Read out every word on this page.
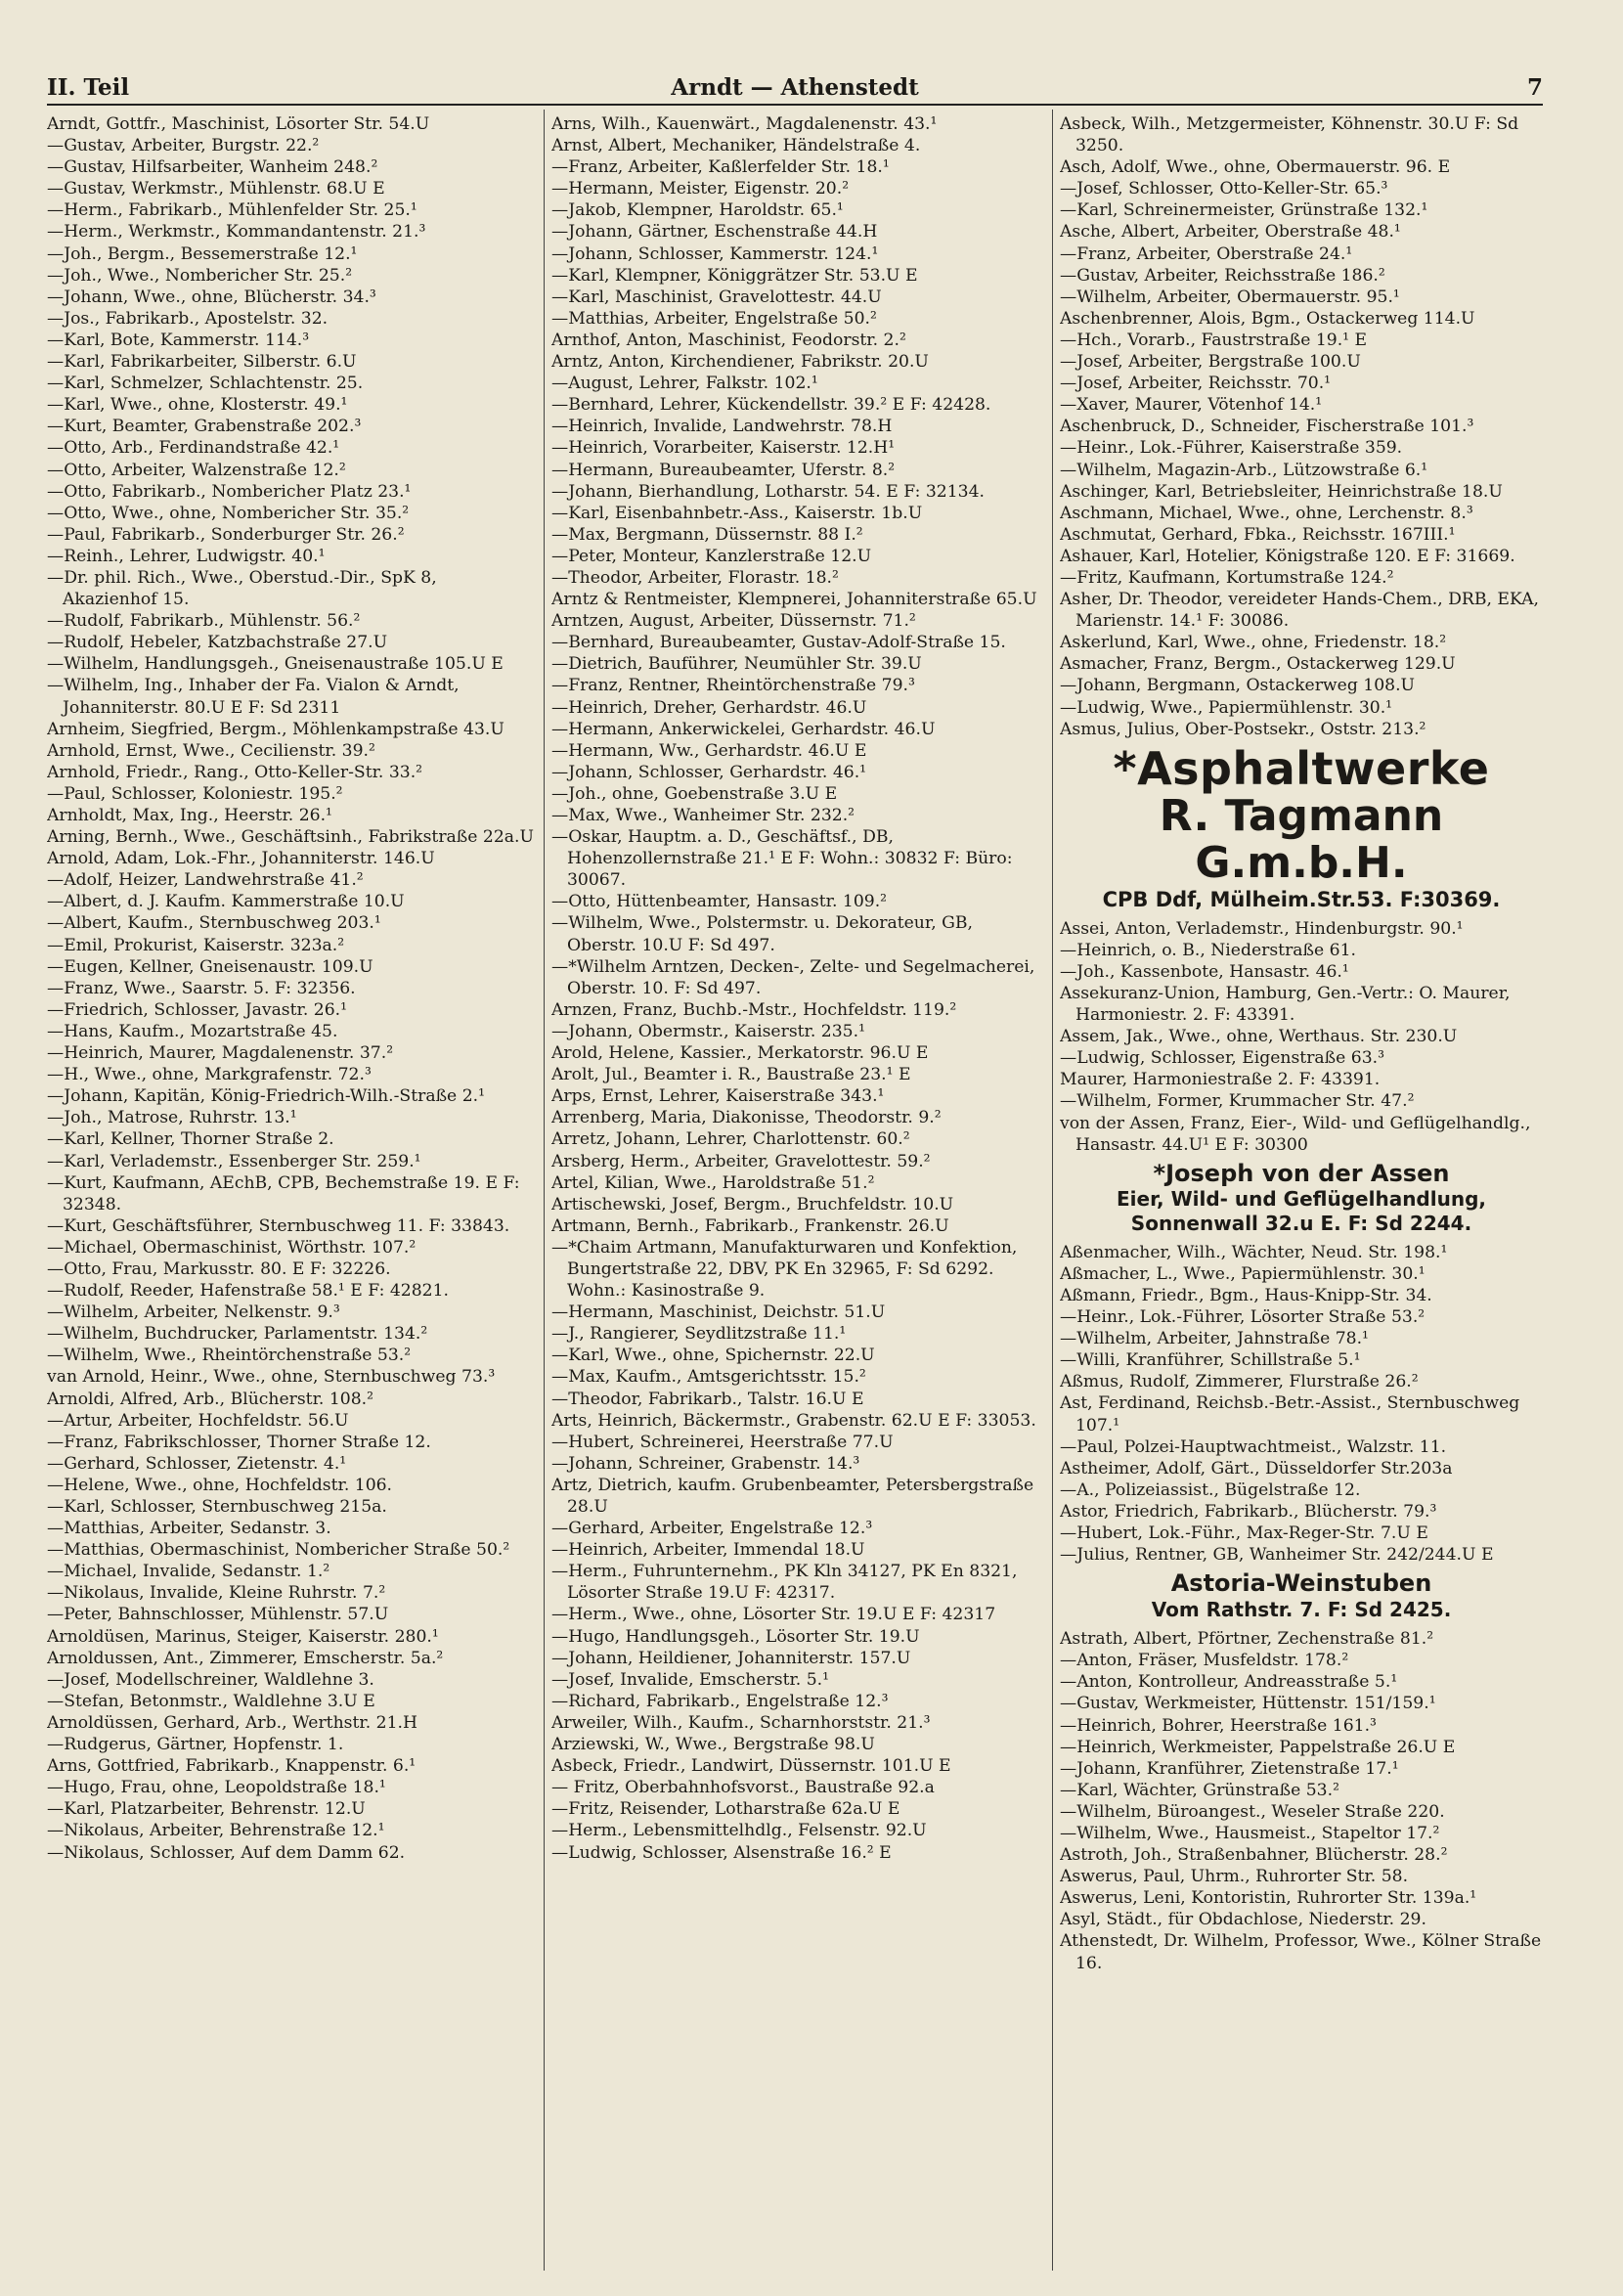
II. Teil	Arndt — Athenstedt	7
Arndt, Gottfr., Maschinist, Lösorter Str. 54.U
—Gustav, Arbeiter, Burgstr. 22.²
—Gustav, Hilfsarbeiter, Wanheim 248.²
—Gustav, Werkmstr., Mühlenstr. 68.U E
—Herm., Fabrikarb., Mühlenfelder Str. 25.¹
—Herm., Werkmstr., Kommandantenstr. 21.³
—Joh., Bergm., Bessemerstraße 12.¹
—Joh., Wwe., Nombericher Str. 25.²
—Johann, Wwe., ohne, Blücherstr. 34.³
—Jos., Fabrikarb., Apostelstr. 32.
—Karl, Bote, Kammerstr. 114.³
—Karl, Fabrikarbeiter, Silberstr. 6.U
—Karl, Schmelzer, Schlachtenstr. 25.
—Karl, Wwe., ohne, Klosterstr. 49.¹
—Kurt, Beamter, Grabenstraße 202.³
—Otto, Arb., Ferdinandstraße 42.¹
—Otto, Arbeiter, Walzenstraße 12.²
—Otto, Fabrikarb., Nombericher Platz 23.¹
—Otto, Wwe., ohne, Nombericher Str. 35.²
—Paul, Fabrikarb., Sonderburger Str. 26.²
—Reinh., Lehrer, Ludwigstr. 40.¹
—Dr. phil. Rich., Wwe., Oberstud.-Dir., SpK 8, Akazienhof 15.
—Rudolf, Fabrikarb., Mühlenstr. 56.²
—Rudolf, Hebeler, Katzbachstraße 27.U
—Wilhelm, Handlungsgeh., Gneisenaustraße 105.U E
—Wilhelm, Ing., Inhaber der Fa. Vialon & Arndt, Johanniterstr. 80.U E F: Sd 2311
Arnheim, Siegfried, Bergm., Möhlenkampstraße 43.U
Arnhold, Ernst, Wwe., Cecilienstr. 39.²
Arnhold, Friedr., Rang., Otto-Keller-Str. 33.²
—Paul, Schlosser, Koloniestr. 195.²
Arnholdt, Max, Ing., Heerstr. 26.¹
Arning, Bernh., Wwe., Geschäftsinh., Fabrikstraße 22a.U
Arnold, Adam, Lok.-Fhr., Johanniterstr. 146.U
—Adolf, Heizer, Landwehrstraße 41.²
—Albert, d. J. Kaufm. Kammerstraße 10.U
—Albert, Kaufm., Sternbuschweg 203.¹
—Emil, Prokurist, Kaiserstr. 323a.²
—Eugen, Kellner, Gneisenaustr. 109.U
—Franz, Wwe., Saarstr. 5. F: 32356.
—Friedrich, Schlosser, Javastr. 26.¹
—Hans, Kaufm., Mozartstraße 45.
—Heinrich, Maurer, Magdalenenstr. 37.²
—H., Wwe., ohne, Markgrafenstr. 72.³
—Johann, Kapitän, König-Friedrich-Wilh.-Straße 2.¹
—Joh., Matrose, Ruhrstr. 13.¹
—Karl, Kellner, Thorner Straße 2.
—Karl, Verlademstr., Essenberger Str. 259.¹
—Kurt, Kaufmann, AEchB, CPB, Bechemstraße 19. E F: 32348.
—Kurt, Geschäftsführer, Sternbuschweg 11. F: 33843.
—Michael, Obermaschinist, Wörthstr. 107.²
—Otto, Frau, Markusstr. 80. E F: 32226.
—Rudolf, Reeder, Hafenstraße 58.¹ E F: 42821.
—Wilhelm, Arbeiter, Nelkenstr. 9.³
—Wilhelm, Buchdrucker, Parlamentstr. 134.²
—Wilhelm, Wwe., Rheintörchenstraße 53.²
van Arnold, Heinr., Wwe., ohne, Sternbuschweg 73.³
Arnoldi, Alfred, Arb., Blücherstr. 108.²
—Artur, Arbeiter, Hochfeldstr. 56.U
—Franz, Fabrikschlosser, Thorner Straße 12.
—Gerhard, Schlosser, Zietenstr. 4.¹
—Helene, Wwe., ohne, Hochfeldstr. 106.
—Karl, Schlosser, Sternbuschweg 215a.
—Matthias, Arbeiter, Sedanstr. 3.
—Matthias, Obermaschinist, Nombericher Straße 50.²
—Michael, Invalide, Sedanstr. 1.²
—Nikolaus, Invalide, Kleine Ruhrstr. 7.²
—Peter, Bahnschlosser, Mühlenstr. 57.U
Arnoldüsen, Marinus, Steiger, Kaiserstr. 280.¹
Arnoldussen, Ant., Zimmerer, Emscherstr. 5a.²
—Josef, Modellschreiner, Waldlehne 3.
—Stefan, Betonmstr., Waldlehne 3.U E
Arnoldüssen, Gerhard, Arb., Werthstr. 21.H
—Rudgerus, Gärtner, Hopfenstr. 1.
Arns, Gottfried, Fabrikarb., Knappenstr. 6.¹
—Hugo, Frau, ohne, Leopoldstraße 18.¹
—Karl, Platzarbeiter, Behrenstr. 12.U
—Nikolaus, Arbeiter, Behrenstraße 12.¹
—Nikolaus, Schlosser, Auf dem Damm 62.
Arns, Wilh., Kauenwärt., Magdalenenstr. 43.¹
Arnst, Albert, Mechaniker, Händelstraße 4.
—Franz, Arbeiter, Kaßlerfelder Str. 18.¹
—Hermann, Meister, Eigenstr. 20.²
—Jakob, Klempner, Haroldstr. 65.¹
—Johann, Gärtner, Eschenstraße 44.H
—Johann, Schlosser, Kammerstr. 124.¹
—Karl, Klempner, Königgrätzer Str. 53.U E
—Karl, Maschinist, Gravelottestr. 44.U
—Matthias, Arbeiter, Engelstraße 50.²
Arnthof, Anton, Maschinist, Feodorstr. 2.²
Arntz, Anton, Kirchendiener, Fabrikstr. 20.U
—August, Lehrer, Falkstr. 102.¹
—Bernhard, Lehrer, Kückendellstr. 39.² E F: 42428.
—Heinrich, Invalide, Landwehrstr. 78.H
—Heinrich, Vorarbeiter, Kaiserstr. 12.H¹
—Hermann, Bureaubeamter, Uferstr. 8.²
—Johann, Bierhandlung, Lotharstr. 54. E F: 32134.
—Karl, Eisenbahnbetr.-Ass., Kaiserstr. 1b.U
—Max, Bergmann, Düssernstr. 88 I.²
—Peter, Monteur, Kanzlerstraße 12.U
—Theodor, Arbeiter, Florastr. 18.²
Arntz & Rentmeister, Klempnerei, Johanniterstraße 65.U
Arntzen, August, Arbeiter, Düssernstr. 71.²
—Bernhard, Bureaubeamter, Gustav-Adolf-Straße 15.
—Dietrich, Bauführer, Neumühler Str. 39.U
—Franz, Rentner, Rheintörchenstraße 79.³
—Heinrich, Dreher, Gerhardstr. 46.U
—Hermann, Ankerwickelei, Gerhardstr. 46.U
—Hermann, Ww., Gerhardstr. 46.U E
—Johann, Schlosser, Gerhardstr. 46.¹
—Joh., ohne, Goebenstraße 3.U E
—Max, Wwe., Wanheimer Str. 232.²
—Oskar, Hauptm. a. D., Geschäftsf., DB, Hohenzollernstraße 21.¹ E F: Wohn.: 30832 F: Büro: 30067.
—Otto, Hüttenbeamter, Hansastr. 109.²
—Wilhelm, Wwe., Polstermstr. u. Dekorateur, GB, Oberstr. 10.U F: Sd 497.
—*Wilhelm Arntzen, Decken-, Zelte- und Segelmacherei, Oberstr. 10. F: Sd 497.
Arnzen, Franz, Buchb.-Mstr., Hochfeldstr. 119.²
—Johann, Obermstr., Kaiserstr. 235.¹
Arold, Helene, Kassier., Merkatorstr. 96.U E
Arolt, Jul., Beamter i. R., Baustraße 23.¹ E
Arps, Ernst, Lehrer, Kaiserstraße 343.¹
Arrenberg, Maria, Diakonisse, Theodorstr. 9.²
Arretz, Johann, Lehrer, Charlottenstr. 60.²
Arsberg, Herm., Arbeiter, Gravelottestr. 59.²
Artel, Kilian, Wwe., Haroldstraße 51.²
Artischewski, Josef, Bergm., Bruchfeldstr. 10.U
Artmann, Bernh., Fabrikarb., Frankenstr. 26.U
—*Chaim Artmann, Manufakturwaren und Konfektion, Bungertstraße 22, DBV, PK En 32965, F: Sd 6292. Wohn.: Kasinostraße 9.
—Hermann, Maschinist, Deichstr. 51.U
—J., Rangierer, Seydlitzstraße 11.¹
—Karl, Wwe., ohne, Spichernstr. 22.U
—Max, Kaufm., Amtsgerichtsstr. 15.²
—Theodor, Fabrikarb., Talstr. 16.U E
Arts, Heinrich, Bäckermstr., Grabenstr. 62.U E F: 33053.
—Hubert, Schreinerei, Heerstraße 77.U
—Johann, Schreiner, Grabenstr. 14.³
Artz, Dietrich, kaufm. Grubenbeamter, Petersbergstraße 28.U
—Gerhard, Arbeiter, Engelstraße 12.³
—Heinrich, Arbeiter, Immendal 18.U
—Herm., Fuhrunternehm., PK Kln 34127, PK En 8321, Lösorter Straße 19.U F: 42317.
—Herm., Wwe., ohne, Lösorter Str. 19.U E F: 42317
—Hugo, Handlungsgeh., Lösorter Str. 19.U
—Johann, Heildiener, Johanniterstr. 157.U
—Josef, Invalide, Emscherstr. 5.¹
—Richard, Fabrikarb., Engelstraße 12.³
Arweiler, Wilh., Kaufm., Scharnhorststr. 21.³
Arziewski, W., Wwe., Bergstraße 98.U
Asbeck, Friedr., Landwirt, Düssernstr. 101.U E
— Fritz, Oberbahnhofsvorst., Baustraße 92.a
—Fritz, Reisender, Lotharstraße 62a.U E
—Herm., Lebensmittelhdlg., Felsenstr. 92.U
—Ludwig, Schlosser, Alsenstraße 16.² E
Asbeck, Wilh., Metzgermeister, Köhnenstr. 30.U F: Sd 3250.
Asch, Adolf, Wwe., ohne, Obermauerstr. 96. E
—Josef, Schlosser, Otto-Keller-Str. 65.³
—Karl, Schreinermeister, Grünstraße 132.¹
Asche, Albert, Arbeiter, Oberstraße 48.¹
—Franz, Arbeiter, Oberstraße 24.¹
—Gustav, Arbeiter, Reichsstraße 186.²
—Wilhelm, Arbeiter, Obermauerstr. 95.¹
Aschenbrenner, Alois, Bgm., Ostackerweg 114.U
—Hch., Vorarb., Faustrstraße 19.¹ E
—Josef, Arbeiter, Bergstraße 100.U
—Josef, Arbeiter, Reichsstr. 70.¹
—Xaver, Maurer, Vötenhof 14.¹
Aschenbruck, D., Schneider, Fischerstraße 101.³
—Heinr., Lok.-Führer, Kaiserstraße 359.
—Wilhelm, Magazin-Arb., Lützowstraße 6.¹
Aschinger, Karl, Betriebsleiter, Heinrichstraße 18.U
Aschmann, Michael, Wwe., ohne, Lerchenstr. 8.³
Aschmutat, Gerhard, Fbka., Reichsstr. 167III.¹
Ashauer, Karl, Hotelier, Königstraße 120. E F: 31669.
—Fritz, Kaufmann, Kortumstraße 124.²
Asher, Dr. Theodor, vereideter Hands-Chem., DRB, EKA, Marienstr. 14.¹ F: 30086.
Askerlund, Karl, Wwe., ohne, Friedenstr. 18.²
Asmacher, Franz, Bergm., Ostackerweg 129.U
—Johann, Bergmann, Ostackerweg 108.U
—Ludwig, Wwe., Papiermühlenstr. 30.¹
Asmus, Julius, Ober-Postsekr., Oststr. 213.²
*Asphaltwerke
R. Tagmann G.m.b.H.
CPB Ddf, Mülheim.Str.53. F:30369.
Assei, Anton, Verlademstr., Hindenburgstr. 90.¹
—Heinrich, o. B., Niederstraße 61.
—Joh., Kassenbote, Hansastr. 46.¹
Assekuranz-Union, Hamburg, Gen.-Vertr.: O. Maurer, Harmoniestr. 2. F: 43391.
Assem, Jak., Wwe., ohne, Werthaus. Str. 230.U
—Ludwig, Schlosser, Eigenstraße 63.³
Maurer, Harmoniestraße 2. F: 43391.
—Wilhelm, Former, Krummacher Str. 47.²
von der Assen, Franz, Eier-, Wild- und Geflügelhandlg., Hansastr. 44.U¹ E F: 30300
*Joseph von der Assen
Eier, Wild- und Geflügelhandlung,
Sonnenwall 32.u E. F: Sd 2244.
Aßenmacher, Wilh., Wächter, Neud. Str. 198.¹
Aßmacher, L., Wwe., Papiermühlenstr. 30.¹
Aßmann, Friedr., Bgm., Haus-Knipp-Str. 34.
—Heinr., Lok.-Führer, Lösorter Straße 53.²
—Wilhelm, Arbeiter, Jahnstraße 78.¹
—Willi, Kranführer, Schillstraße 5.¹
Aßmus, Rudolf, Zimmerer, Flurstraße 26.²
Ast, Ferdinand, Reichsb.-Betr.-Assist., Sternbuschweg 107.¹
—Paul, Polzei-Hauptwachtmeist., Walzstr. 11.
Astheimer, Adolf, Gärt., Düsseldorfer Str.203a
—A., Polizeiassist., Bügelstraße 12.
Astor, Friedrich, Fabrikarb., Blücherstr. 79.³
—Hubert, Lok.-Führ., Max-Reger-Str. 7.U E
—Julius, Rentner, GB, Wanheimer Str. 242/244.U E
Astoria-Weinstuben
Vom Rathstr. 7. F: Sd 2425.
Astrath, Albert, Pförtner, Zechenstraße 81.²
—Anton, Fräser, Musfeldstr. 178.²
—Anton, Kontrolleur, Andreasstraße 5.¹
—Gustav, Werkmeister, Hüttenstr. 151/159.¹
—Heinrich, Bohrer, Heerstraße 161.³
—Heinrich, Werkmeister, Pappelstraße 26.U E
—Johann, Kranführer, Zietenstraße 17.¹
—Karl, Wächter, Grünstraße 53.²
—Wilhelm, Büroangest., Weseler Straße 220.
—Wilhelm, Wwe., Hausmeist., Stapeltor 17.²
Astroth, Joh., Straßenbahner, Blücherstr. 28.²
Aswerus, Paul, Uhrm., Ruhrorter Str. 58.
Aswerus, Leni, Kontoristin, Ruhrorter Str. 139a.¹
Asyl, Städt., für Obdachlose, Niederstr. 29.
Athenstedt, Dr. Wilhelm, Professor, Wwe., Kölner Straße 16.
